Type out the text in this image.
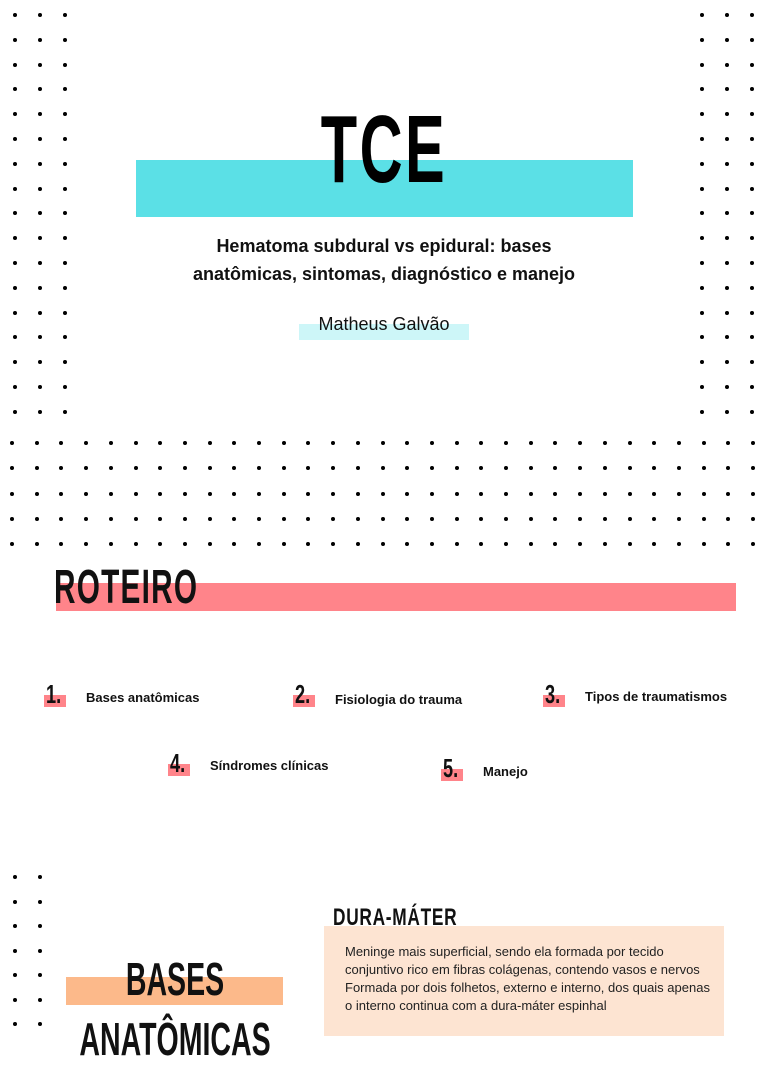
TCE
Hematoma subdural vs epidural: bases
anatômicas, sintomas, diagnóstico e manejo
Matheus Galvão
ROTEIRO
1. Bases anatômicas	2. Fisiologia do trauma	3. Tipos de traumatismos
4. Síndromes clínicas	5. Manejo
BASES
ANATÔMICAS
DURA-MÁTER

Meninge mais superficial, sendo ela formada por tecido conjuntivo rico em fibras colágenas, contendo vasos e nervos

Formada por dois folhetos, externo e interno, dos quais apenas o interno continua com a dura-máter espinhal
